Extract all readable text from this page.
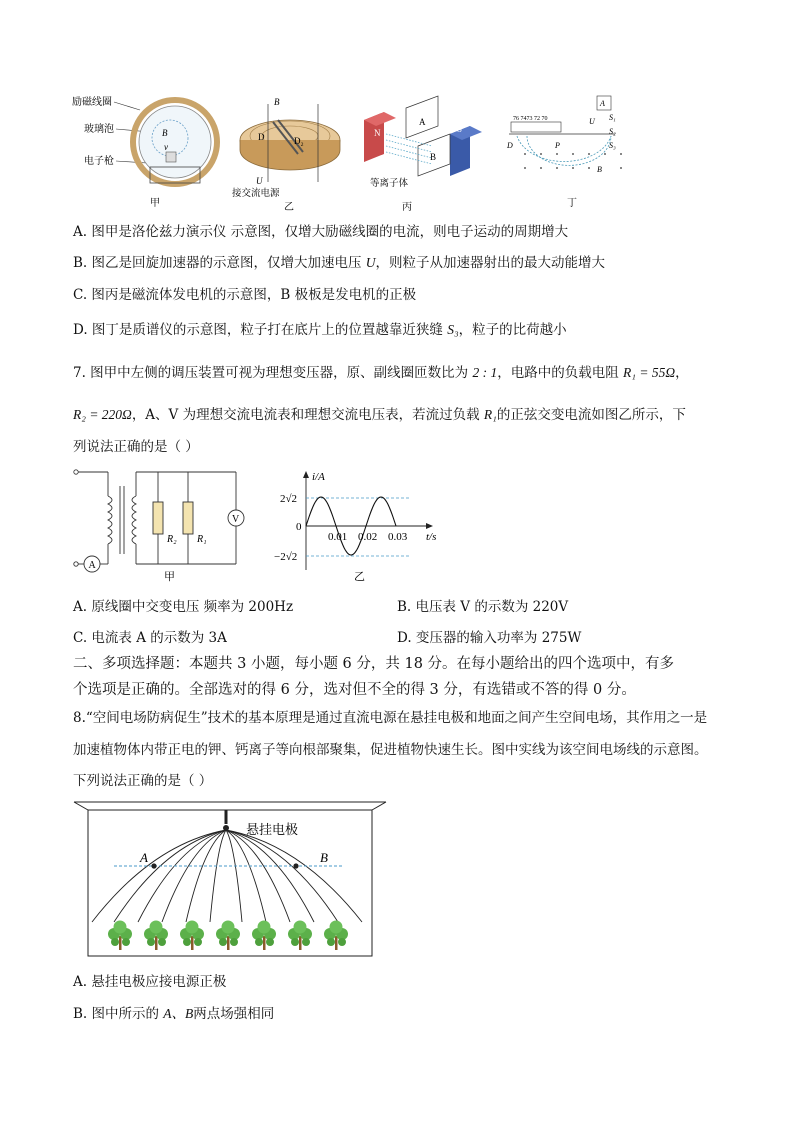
励磁线圈
玻璃泡
电子枪
B
v
甲
B
D	D₂
U
接交流电源
乙
N	S
A
B
等离子体
丙
76 7473 72 70
A
U S₁
S₂
S₃
D	P
B
丁
A. 图甲是洛伦兹力演示仪 示意图，仅增大励磁线圈的电流，则电子运动的周期增大
B. 图乙是回旋加速器的示意图，仅增大加速电压 U，则粒子从加速器射出的最大动能增大
C. 图丙是磁流体发电机的示意图，B 极板是发电机的正极
D. 图丁是质谱仪的示意图，粒子打在底片上的位置越靠近狭缝 S₃，粒子的比荷越小
7. 图甲中左侧的调压装置可视为理想变压器，原、副线圈匝数比为 2 : 1，电路中的负载电阻 R₁ = 55Ω，
R₂ = 220Ω，A、V 为理想交流电流表和理想交流电压表，若流过负载 R₁的正弦交变电流如图乙所示，下
列说法正确的是（ ）
A
R₂ R₁
V
甲
i/A
t/s
2√2
0
−2√2
0.01 0.02 0.03
乙
A. 原线圈中交变电压 频率为 200Hz	B. 电压表 V 的示数为 220V
C. 电流表 A 的示数为 3A	D. 变压器的输入功率为 275W
二、多项选择题：本题共 3 小题，每小题 6 分，共 18 分。在每小题给出的四个选项中，有多
个选项是正确的。全部选对的得 6 分，选对但不全的得 3 分，有选错或不答的得 0 分。
8.“空间电场防病促生”技术的基本原理是通过直流电源在悬挂电极和地面之间产生空间电场，其作用之一是
加速植物体内带正电的钾、钙离子等向根部聚集，促进植物快速生长。图中实线为该空间电场线的示意图。
下列说法正确的是（ ）
悬挂电极
A	B
A. 悬挂电极应接电源正极
B. 图中所示的 A、B两点场强相同
